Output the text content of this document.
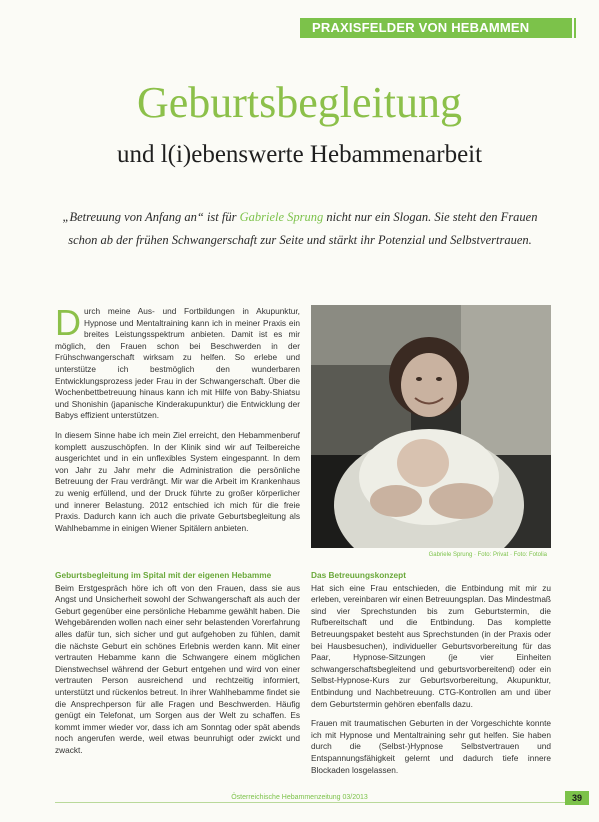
PRAXISFELDER VON HEBAMMEN
Geburtsbegleitung
und l(i)ebenswerte Hebammenarbeit

„Betreuung von Anfang an“ ist für Gabriele Sprung nicht nur ein Slogan. Sie steht den Frauen schon ab der frühen Schwangerschaft zur Seite und stärkt ihr Potenzial und Selbstvertrauen.

Durch meine Aus- und Fortbildungen in Akupunktur, Hypnose und Mentaltraining kann ich in meiner Praxis ein breites Leistungsspektrum anbieten. Damit ist es mir möglich, den Frauen schon bei Beschwerden in der Frühschwangerschaft wirksam zu helfen. So erlebe und unterstütze ich bestmöglich den wunderbaren Entwicklungsprozess jeder Frau in der Schwangerschaft. Über die Wochenbettbetreuung hinaus kann ich mit Hilfe von Baby-Shiatsu und Shonishin (japanische Kinderakupunktur) die Entwicklung der Babys effizient unterstützen.

In diesem Sinne habe ich mein Ziel erreicht, den Hebammenberuf komplett auszuschöpfen. In der Klinik sind wir auf Teilbereiche ausgerichtet und in ein unflexibles System eingespannt. In dem von Jahr zu Jahr mehr die Administration die persönliche Betreuung der Frau verdrängt. Mir war die Arbeit im Krankenhaus zu wenig erfüllend, und der Druck führte zu großer körperlicher und innerer Belastung. 2012 entschied ich mich für die freie Praxis. Dadurch kann ich auch die private Geburtsbegleitung als Wahlhebamme in einigen Wiener Spitälern anbieten.

Gabriele Sprung · Foto: Privat · Foto: Fotolia

Geburtsbegleitung im Spital mit der eigenen Hebamme
Beim Erstgespräch höre ich oft von den Frauen, dass sie aus Angst und Unsicherheit sowohl der Schwangerschaft als auch der Geburt gegenüber eine persönliche Hebamme gewählt haben. Die Wehgebärenden wollen nach einer sehr belastenden Vorerfahrung alles dafür tun, sich sicher und gut aufgehoben zu fühlen, damit die nächste Geburt ein schönes Erlebnis werden kann. Mit einer vertrauten Hebamme kann die Schwangere einem möglichen Dienstwechsel während der Geburt entgehen und wird von einer vertrauten Person ausreichend und rechtzeitig informiert, unterstützt und rückenlos betreut. In ihrer Wahlhebamme findet sie die Ansprechperson für alle Fragen und Beschwerden. Häufig genügt ein Telefonat, um Sorgen aus der Welt zu schaffen. Es kommt immer wieder vor, dass ich am Sonntag oder spät abends noch angerufen werde, weil etwas beunruhigt oder zwickt und zwackt.

Das Betreuungskonzept
Hat sich eine Frau entschieden, die Entbindung mit mir zu erleben, vereinbaren wir einen Betreuungsplan. Das Mindestmaß sind vier Sprechstunden bis zum Geburtstermin, die Rufbereitschaft und die Entbindung. Das komplette Betreuungspaket besteht aus Sprechstunden (in der Praxis oder bei Hausbesuchen), individueller Geburtsvorbereitung für das Paar, Hypnose-Sitzungen (je vier Einheiten schwangerschaftsbegleitend und geburtsvorbereitend) oder ein Selbst-Hypnose-Kurs zur Geburtsvorbereitung, Akupunktur, Entbindung und Nachbetreuung. CTG-Kontrollen am und über dem Geburtstermin gehören ebenfalls dazu.

Frauen mit traumatischen Geburten in der Vorgeschichte konnte ich mit Hypnose und Mentaltraining sehr gut helfen. Sie haben durch die (Selbst-)Hypnose Selbstvertrauen und Entspannungsfähigkeit gelernt und dadurch tiefe innere Blockaden losgelassen.

Österreichische Hebammenzeitung 03/2013	39
